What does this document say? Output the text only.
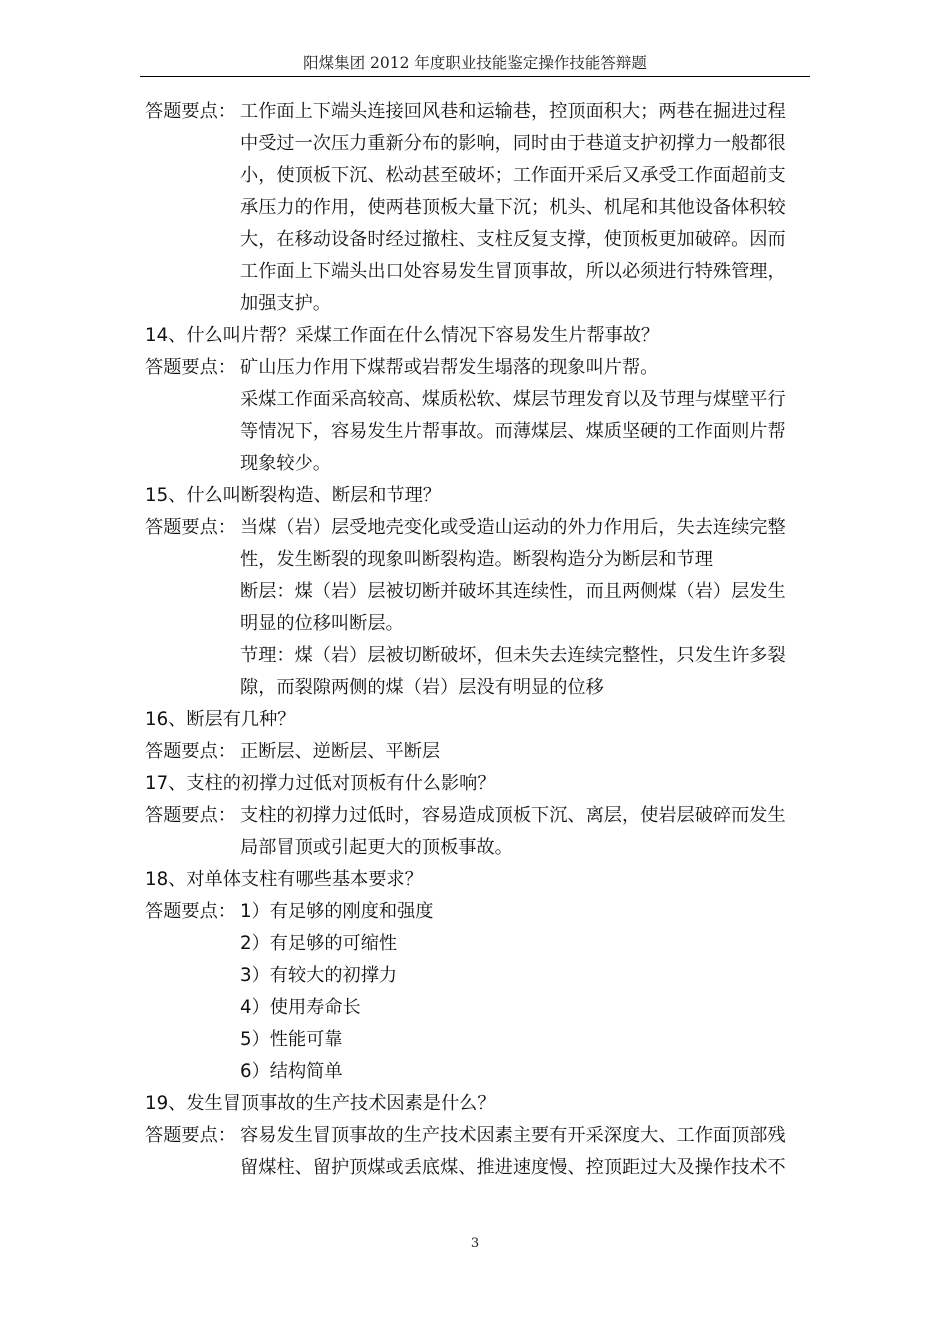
阳煤集团 2012 年度职业技能鉴定操作技能答辩题
答题要点： 工作面上下端头连接回风巷和运输巷，控顶面积大；两巷在掘进过程
中受过一次压力重新分布的影响，同时由于巷道支护初撑力一般都很
小，使顶板下沉、松动甚至破坏；工作面开采后又承受工作面超前支
承压力的作用，使两巷顶板大量下沉；机头、机尾和其他设备体积较
大，在移动设备时经过撤柱、支柱反复支撑，使顶板更加破碎。因而
工作面上下端头出口处容易发生冒顶事故，所以必须进行特殊管理，
加强支护。
14、什么叫片帮？采煤工作面在什么情况下容易发生片帮事故？
答题要点： 矿山压力作用下煤帮或岩帮发生塌落的现象叫片帮。
采煤工作面采高较高、煤质松软、煤层节理发育以及节理与煤壁平行
等情况下，容易发生片帮事故。而薄煤层、煤质坚硬的工作面则片帮
现象较少。
15、什么叫断裂构造、断层和节理？
答题要点： 当煤（岩）层受地壳变化或受造山运动的外力作用后，失去连续完整
性，发生断裂的现象叫断裂构造。断裂构造分为断层和节理
断层：煤（岩）层被切断并破坏其连续性，而且两侧煤（岩）层发生
明显的位移叫断层。
节理：煤（岩）层被切断破坏，但未失去连续完整性，只发生许多裂
隙，而裂隙两侧的煤（岩）层没有明显的位移
16、断层有几种？
答题要点： 正断层、逆断层、平断层
17、支柱的初撑力过低对顶板有什么影响？
答题要点： 支柱的初撑力过低时，容易造成顶板下沉、离层，使岩层破碎而发生
局部冒顶或引起更大的顶板事故。
18、对单体支柱有哪些基本要求？
答题要点： 1）有足够的刚度和强度
2）有足够的可缩性
3）有较大的初撑力
4）使用寿命长
5）性能可靠
6）结构简单
19、发生冒顶事故的生产技术因素是什么？
答题要点： 容易发生冒顶事故的生产技术因素主要有开采深度大、工作面顶部残
留煤柱、留护顶煤或丢底煤、推进速度慢、控顶距过大及操作技术不
3
